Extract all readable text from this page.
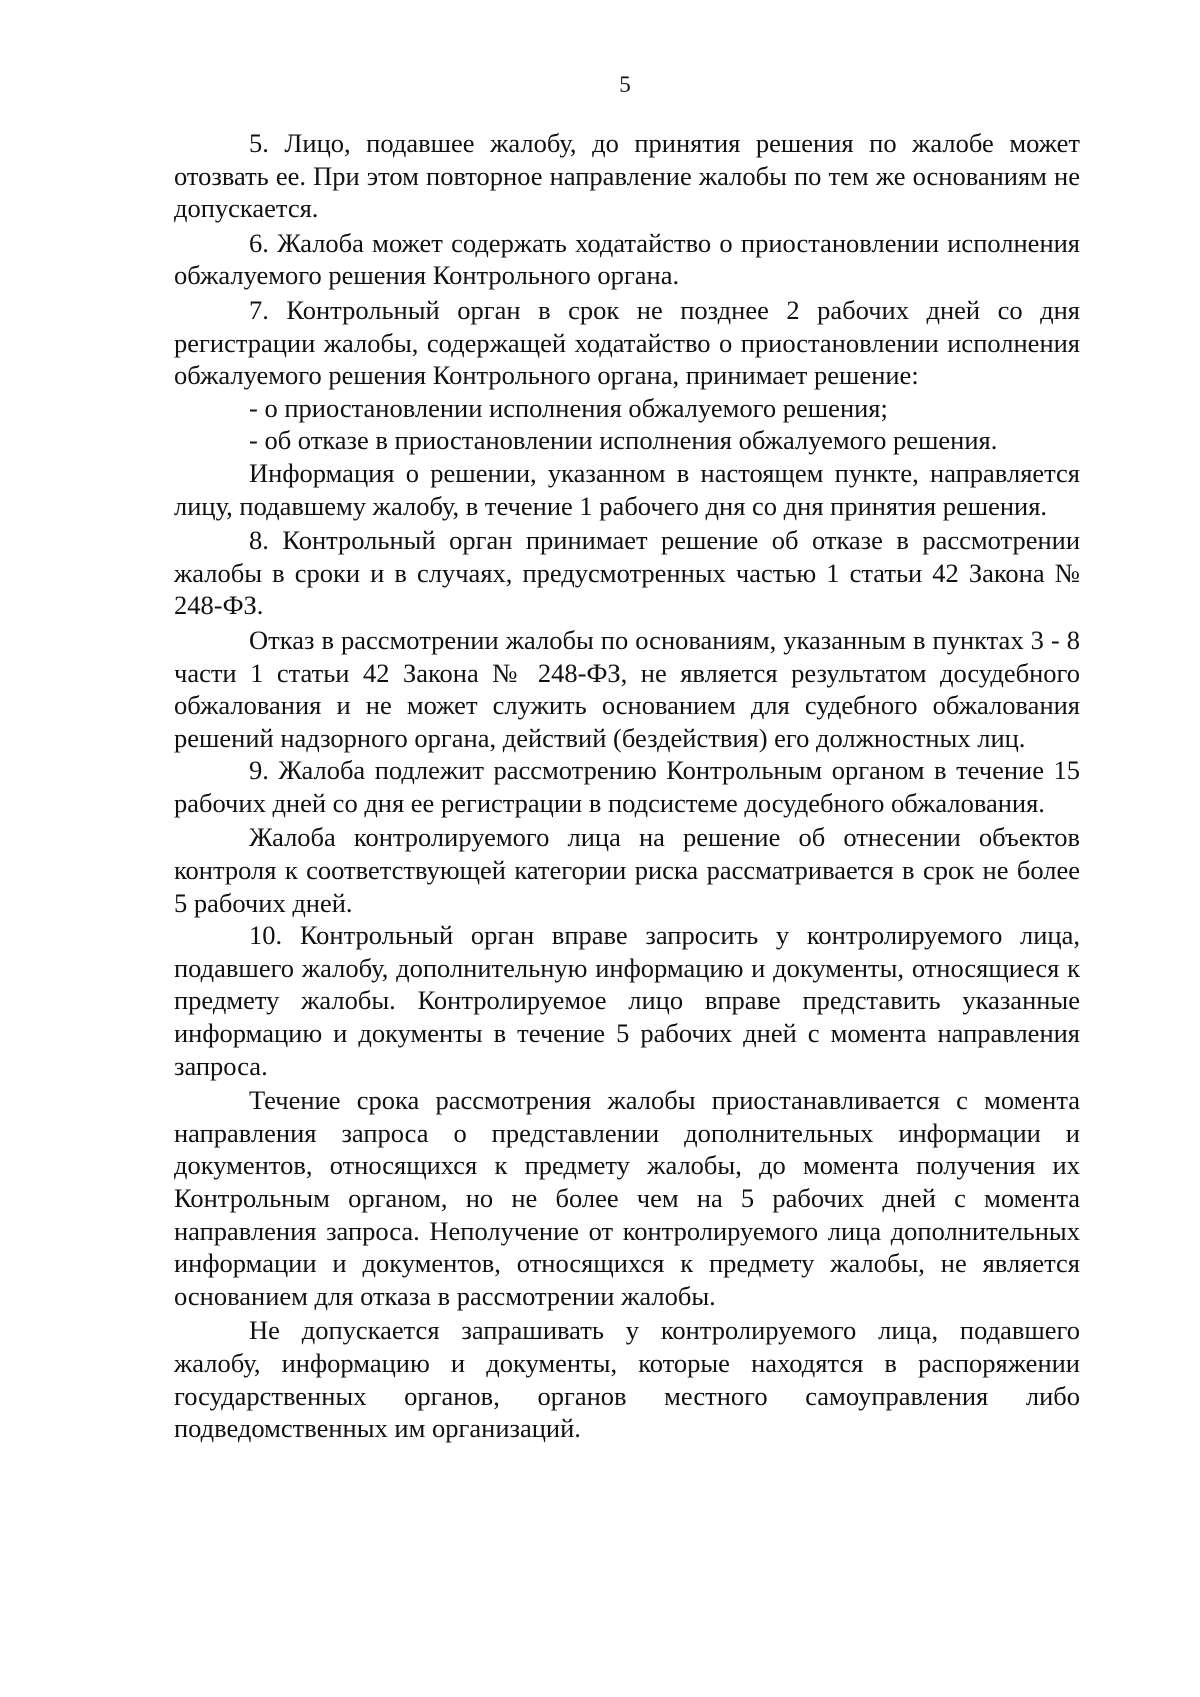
5

5. Лицо, подавшее жалобу, до принятия решения по жалобе может отозвать ее. При этом повторное направление жалобы по тем же основаниям не допускается.

6. Жалоба может содержать ходатайство о приостановлении исполнения обжалуемого решения Контрольного органа.

7. Контрольный орган в срок не позднее 2 рабочих дней со дня регистрации жалобы, содержащей ходатайство о приостановлении исполнения обжалуемого решения Контрольного органа, принимает решение:

- о приостановлении исполнения обжалуемого решения;

- об отказе в приостановлении исполнения обжалуемого решения.

Информация о решении, указанном в настоящем пункте, направляется лицу, подавшему жалобу, в течение 1 рабочего дня со дня принятия решения.

8. Контрольный орган принимает решение об отказе в рассмотрении жалобы в сроки и в случаях, предусмотренных частью 1 статьи 42 Закона № 248-ФЗ.

Отказ в рассмотрении жалобы по основаниям, указанным в пунктах 3 - 8 части 1 статьи 42 Закона № 248-ФЗ, не является результатом досудебного обжалования и не может служить основанием для судебного обжалования решений надзорного органа, действий (бездействия) его должностных лиц.

9. Жалоба подлежит рассмотрению Контрольным органом в течение 15 рабочих дней со дня ее регистрации в подсистеме досудебного обжалования.

Жалоба контролируемого лица на решение об отнесении объектов контроля к соответствующей категории риска рассматривается в срок не более 5 рабочих дней.

10. Контрольный орган вправе запросить у контролируемого лица, подавшего жалобу, дополнительную информацию и документы, относящиеся к предмету жалобы. Контролируемое лицо вправе представить указанные информацию и документы в течение 5 рабочих дней с момента направления запроса.

Течение срока рассмотрения жалобы приостанавливается с момента направления запроса о представлении дополнительных информации и документов, относящихся к предмету жалобы, до момента получения их Контрольным органом, но не более чем на 5 рабочих дней с момента направления запроса. Неполучение от контролируемого лица дополнительных информации и документов, относящихся к предмету жалобы, не является основанием для отказа в рассмотрении жалобы.

Не допускается запрашивать у контролируемого лица, подавшего жалобу, информацию и документы, которые находятся в распоряжении государственных органов, органов местного самоуправления либо подведомственных им организаций.
